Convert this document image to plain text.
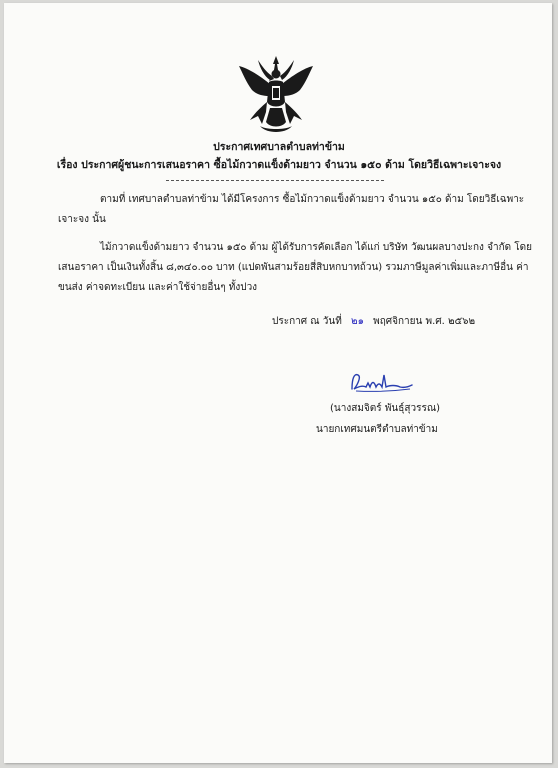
ประกาศเทศบาลตำบลท่าข้าม
เรื่อง ประกาศผู้ชนะการเสนอราคา ซื้อไม้กวาดแข็งด้ามยาว จำนวน ๑๕๐ ด้าม โดยวิธีเฉพาะเจาะจง
ตามที่ เทศบาลตำบลท่าข้าม ได้มีโครงการ ซื้อไม้กวาดแข็งด้ามยาว จำนวน ๑๕๐ ด้าม โดยวิธีเฉพาะ
เจาะจง นั้น
ไม้กวาดแข็งด้ามยาว จำนวน ๑๕๐ ด้าม ผู้ได้รับการคัดเลือก ได้แก่ บริษัท วัฒนผลบางปะกง จำกัด โดย
เสนอราคา เป็นเงินทั้งสิ้น ๘,๓๔๐.๐๐ บาท (แปดพันสามร้อยสี่สิบหกบาทถ้วน) รวมภาษีมูลค่าเพิ่มและภาษีอื่น ค่า
ขนส่ง ค่าจดทะเบียน และค่าใช้จ่ายอื่นๆ ทั้งปวง
ประกาศ ณ วันที่ ๒๑ พฤศจิกายน พ.ศ. ๒๕๖๒
(นางสมจิตร์ พันธุ์สุวรรณ)
นายกเทศมนตรีตำบลท่าข้าม
